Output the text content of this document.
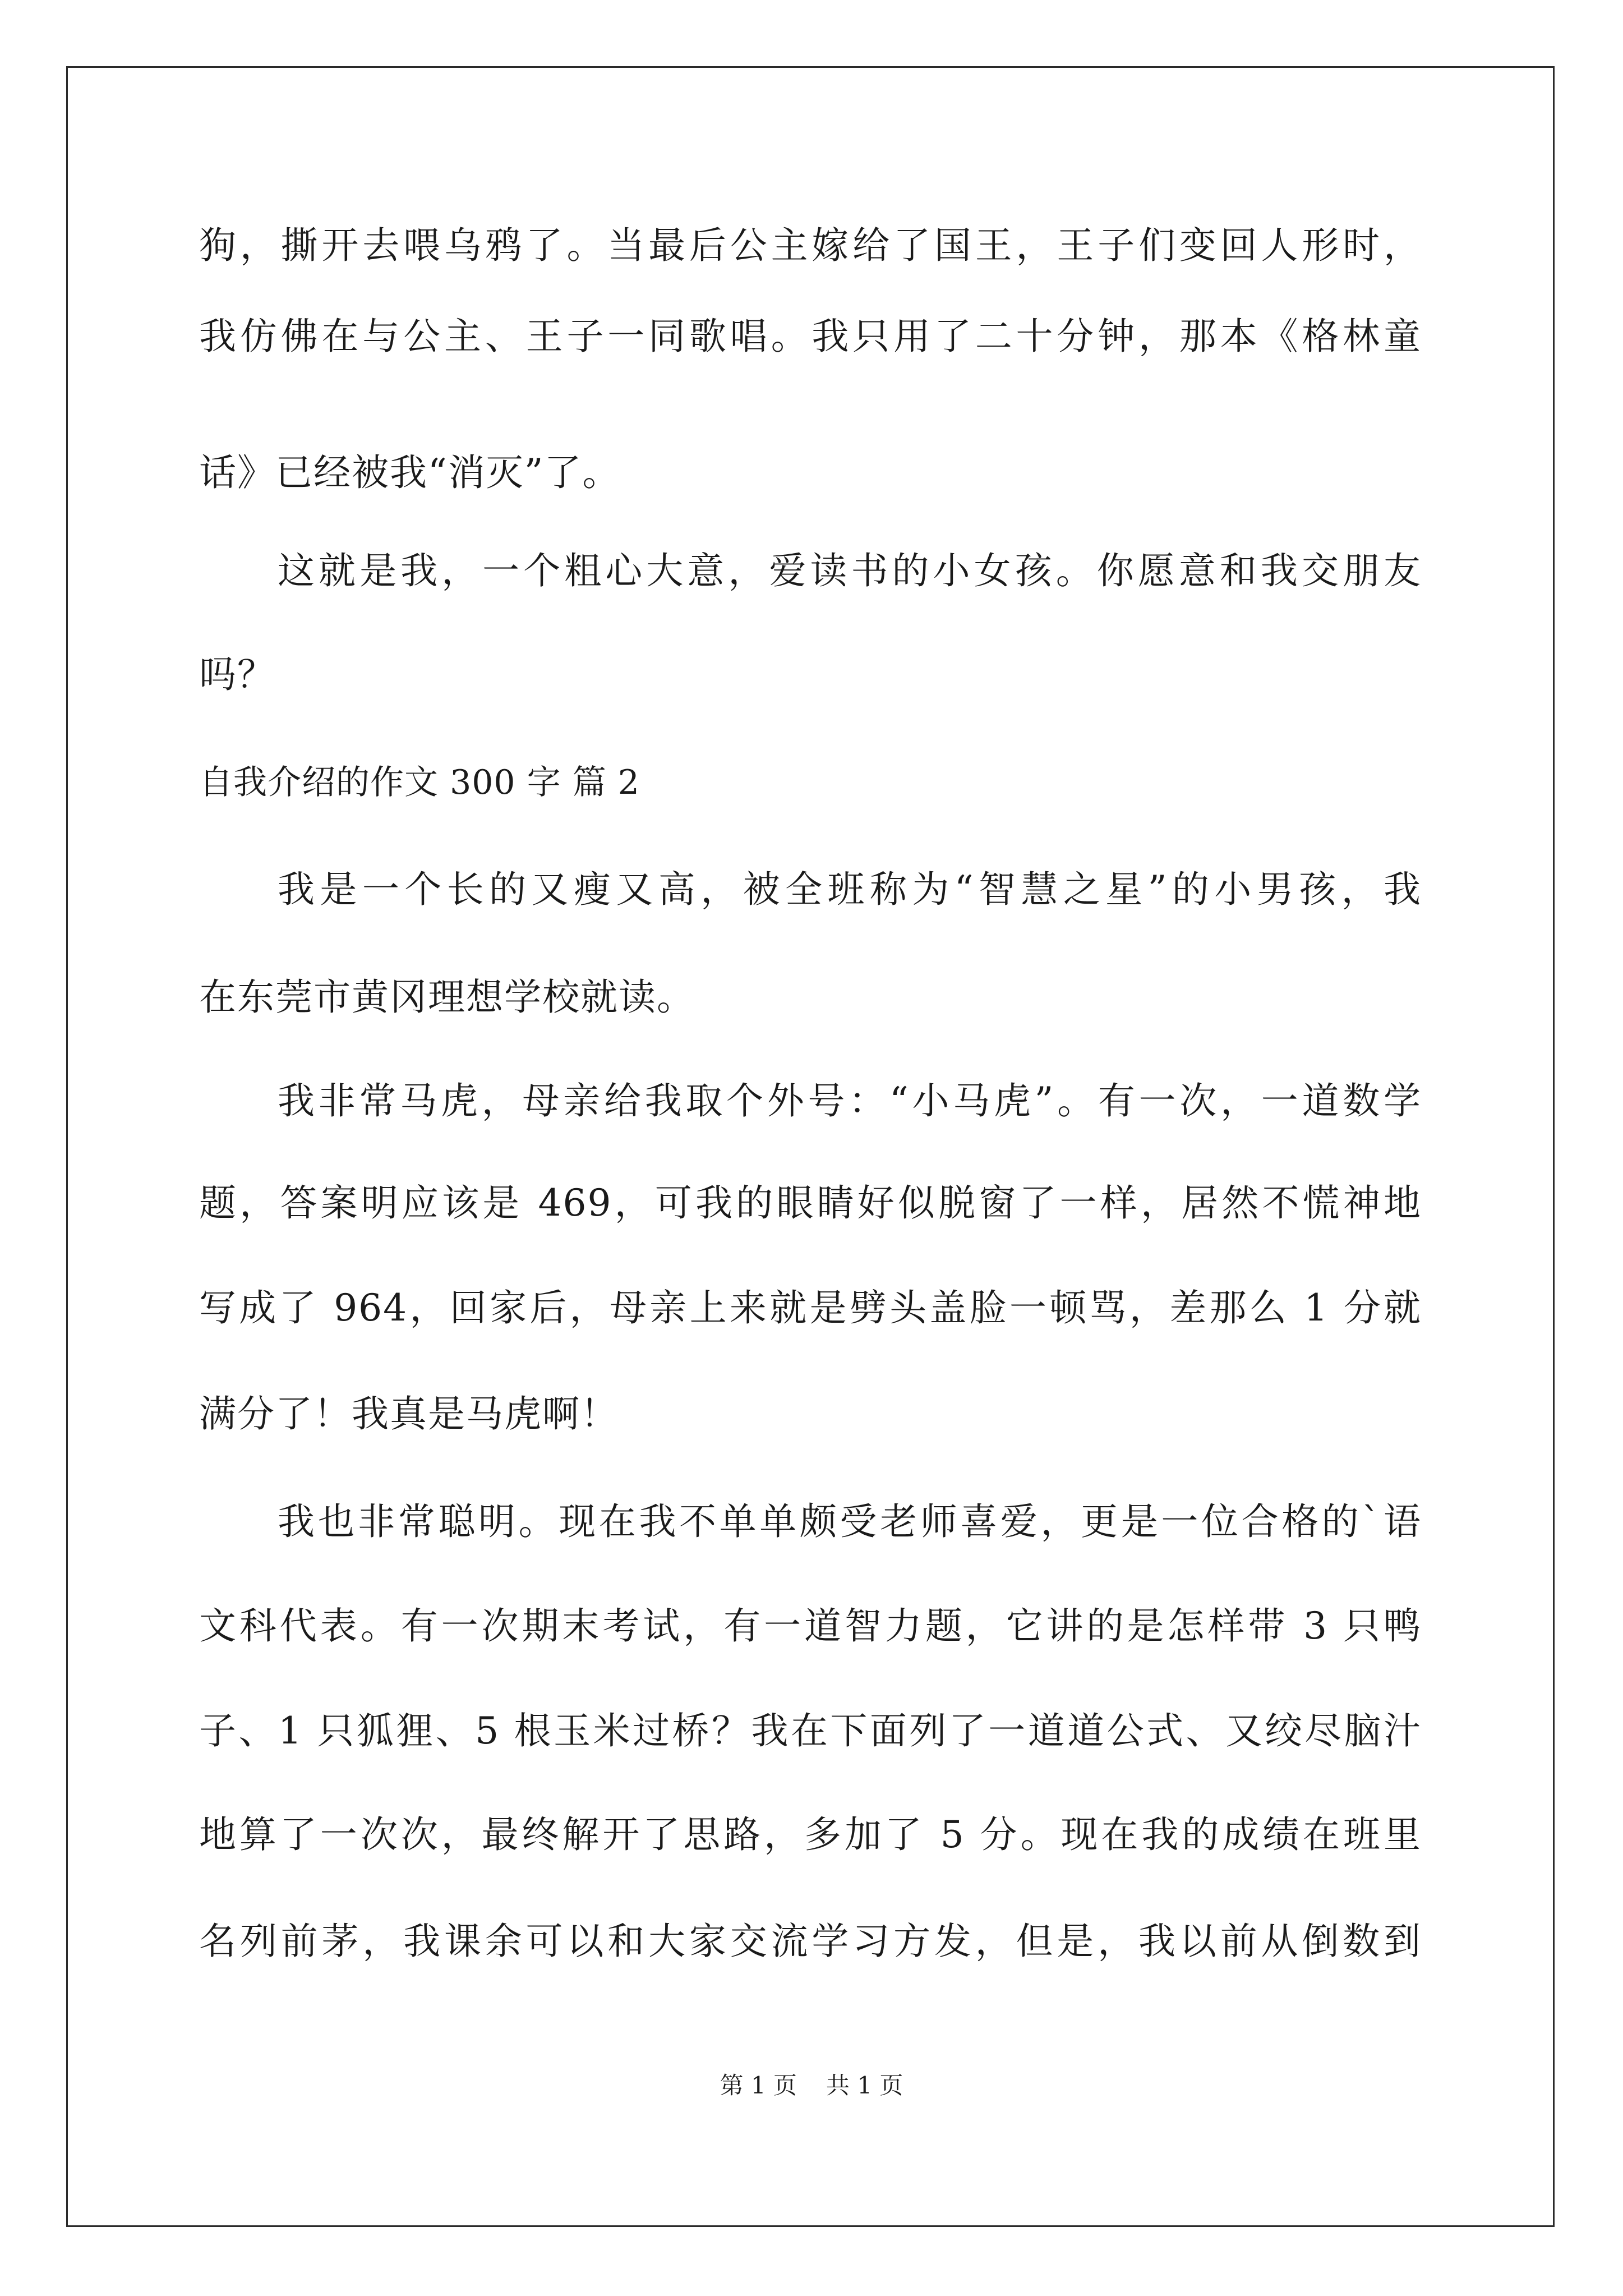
狗，撕开去喂乌鸦了。当最后公主嫁给了国王，王子们变回人形时，
我仿佛在与公主、王子一同歌唱。我只用了二十分钟，那本《格林童
话》已经被我“消灭”了。
这就是我，一个粗心大意，爱读书的小女孩。你愿意和我交朋友
吗？
自我介绍的作文 300 字 篇 2
我是一个长的又瘦又高，被全班称为“智慧之星”的小男孩，我
在东莞市黄冈理想学校就读。
我非常马虎，母亲给我取个外号：“小马虎”。有一次，一道数学
题，答案明应该是 469，可我的眼睛好似脱窗了一样，居然不慌神地
写成了 964，回家后，母亲上来就是劈头盖脸一顿骂，差那么 1 分就
满分了！我真是马虎啊！
我也非常聪明。现在我不单单颇受老师喜爱，更是一位合格的`语
文科代表。有一次期末考试，有一道智力题，它讲的是怎样带 3 只鸭
子、1 只狐狸、5 根玉米过桥？我在下面列了一道道公式、又绞尽脑汁
地算了一次次，最终解开了思路，多加了 5 分。现在我的成绩在班里
名列前茅，我课余可以和大家交流学习方发，但是，我以前从倒数到
第 1 页 共 1 页
